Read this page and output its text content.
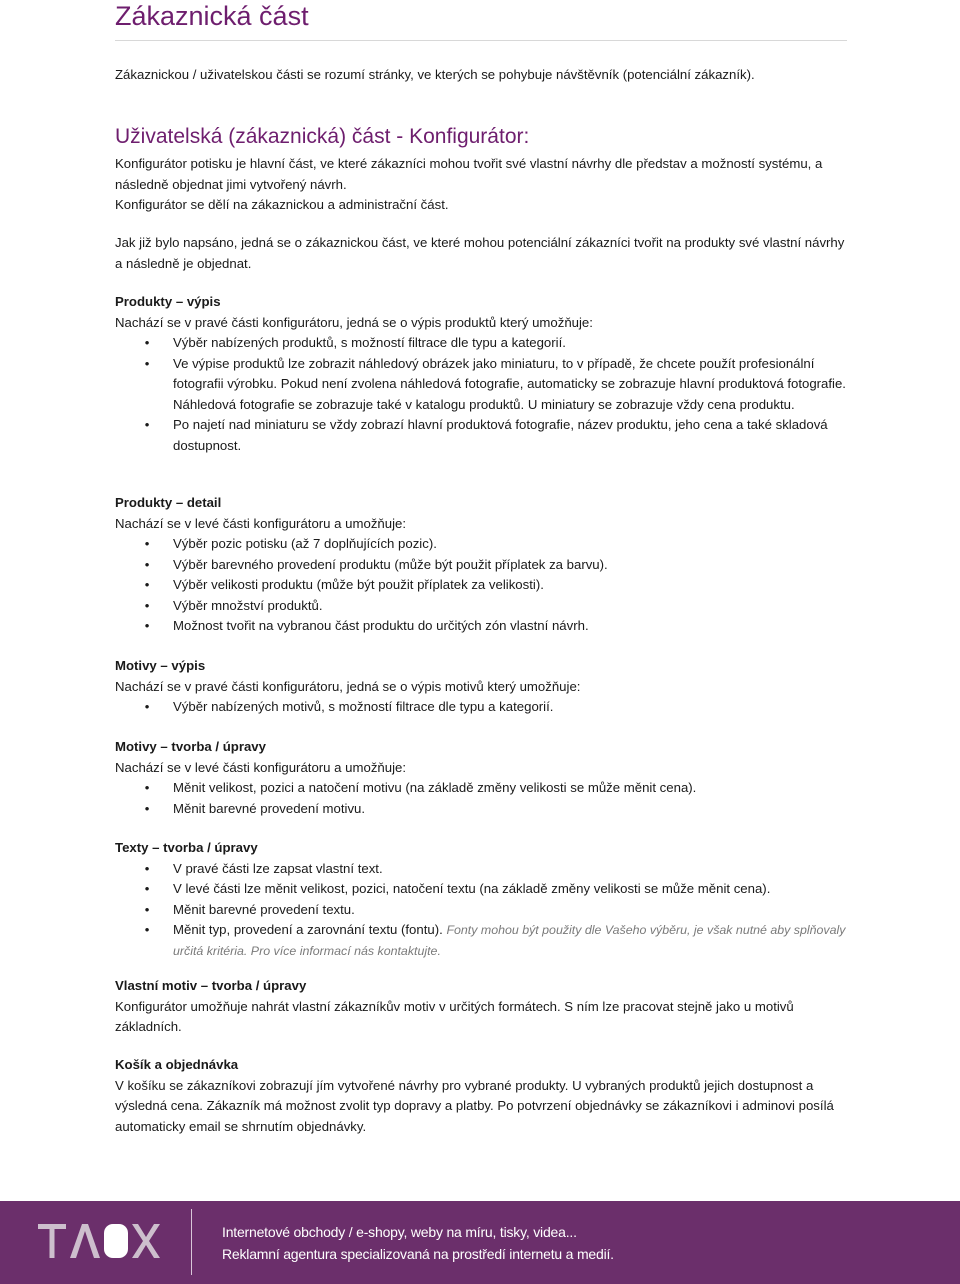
Zákaznická část
Zákaznickou / uživatelskou části se rozumí stránky, ve kterých se pohybuje návštěvník (potenciální zákazník).
Uživatelská (zákaznická) část - Konfigurátor:

Konfigurátor potisku je hlavní část, ve které zákazníci mohou tvořit své vlastní návrhy dle představ a možností systému, a následně objednat jimi vytvořený návrh.

Konfigurátor se dělí na zákaznickou a administrační část.

Jak již bylo napsáno, jedná se o zákaznickou část, ve které mohou potenciální zákazníci tvořit na produkty své vlastní návrhy a následně je objednat.

Produkty – výpis

Nachází se v pravé části konfigurátoru, jedná se o výpis produktů který umožňuje:

• Výběr nabízených produktů, s možností filtrace dle typu a kategorií.
• Ve výpise produktů lze zobrazit náhledový obrázek jako miniaturu, to v případě, že chcete použít profesionální fotografii výrobku. Pokud není zvolena náhledová fotografie, automaticky se zobrazuje hlavní produktová fotografie. Náhledová fotografie se zobrazuje také v katalogu produktů. U miniatury se zobrazuje vždy cena produktu.
• Po najetí nad miniaturu se vždy zobrazí hlavní produktová fotografie, název produktu, jeho cena a také skladová dostupnost.

Produkty – detail

Nachází se v levé části konfigurátoru a umožňuje:

• Výběr pozic potisku (až 7 doplňujících pozic).
• Výběr barevného provedení produktu (může být použit příplatek za barvu).
• Výběr velikosti produktu (může být použit příplatek za velikosti).
• Výběr množství produktů.
• Možnost tvořit na vybranou část produktu do určitých zón vlastní návrh.

Motivy – výpis

Nachází se v pravé části konfigurátoru, jedná se o výpis motivů který umožňuje:

• Výběr nabízených motivů, s možností filtrace dle typu a kategorií.

Motivy – tvorba / úpravy

Nachází se v levé části konfigurátoru a umožňuje:

• Měnit velikost, pozici a natočení motivu (na základě změny velikosti se může měnit cena).
• Měnit barevné provedení motivu.

Texty – tvorba / úpravy

• V pravé části lze zapsat vlastní text.
• V levé části lze měnit velikost, pozici, natočení textu (na základě změny velikosti se může měnit cena).
• Měnit barevné provedení textu.
• Měnit typ, provedení a zarovnání textu (fontu). Fonty mohou být použity dle Vašeho výběru, je však nutné aby splňovaly určitá kritéria. Pro více informací nás kontaktujte.

Vlastní motiv – tvorba / úpravy

Konfigurátor umožňuje nahrát vlastní zákazníkův motiv v určitých formátech. S ním lze pracovat stejně jako u motivů základních.

Košík a objednávka

V košíku se zákazníkovi zobrazují jím vytvořené návrhy pro vybrané produkty. U vybraných produktů jejich dostupnost a výsledná cena. Zákazník má možnost zvolit typ dopravy a platby. Po potvrzení objednávky se zákazníkovi i adminovi posílá automaticky email se shrnutím objednávky.

Internetové obchody / e-shopy, weby na míru, tisky, videa...
Reklamní agentura specializovaná na prostředí internetu a medií.
